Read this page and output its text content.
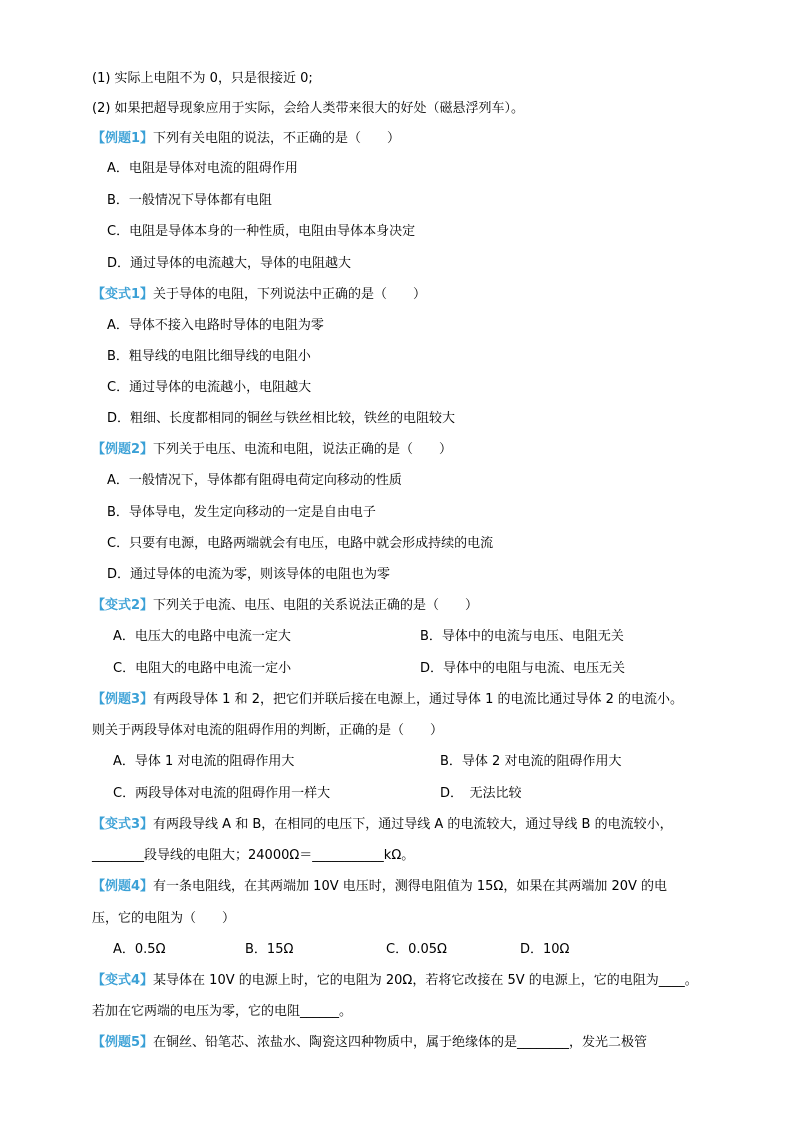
(1) 实际上电阻不为 0，只是很接近 0;
(2) 如果把超导现象应用于实际，会给人类带来很大的好处（磁悬浮列车）。
【例题1】下列有关电阻的说法，不正确的是（　　）
A．电阻是导体对电流的阻碍作用
B．一般情况下导体都有电阻
C．电阻是导体本身的一种性质，电阻由导体本身决定
D．通过导体的电流越大，导体的电阻越大
【变式1】关于导体的电阻，下列说法中正确的是（　　）
A．导体不接入电路时导体的电阻为零
B．粗导线的电阻比细导线的电阻小
C．通过导体的电流越小，电阻越大
D．粗细、长度都相同的铜丝与铁丝相比较，铁丝的电阻较大
【例题2】下列关于电压、电流和电阻，说法正确的是（　　）
A．一般情况下，导体都有阻碍电荷定向移动的性质
B．导体导电，发生定向移动的一定是自由电子
C．只要有电源，电路两端就会有电压，电路中就会形成持续的电流
D．通过导体的电流为零，则该导体的电阻也为零
【变式2】下列关于电流、电压、电阻的关系说法正确的是（　　）
A．电压大的电路中电流一定大	B．导体中的电流与电压、电阻无关
C．电阻大的电路中电流一定小	D．导体中的电阻与电流、电压无关
【例题3】有两段导体 1 和 2，把它们并联后接在电源上，通过导体 1 的电流比通过导体 2 的电流小。
则关于两段导体对电流的阻碍作用的判断，正确的是（　　）
A．导体 1 对电流的阻碍作用大	B．导体 2 对电流的阻碍作用大
C．两段导体对电流的阻碍作用一样大	D．　无法比较
【变式3】有两段导线 A 和 B，在相同的电压下，通过导线 A 的电流较大，通过导线 B 的电流较小，
________段导线的电阻大；24000Ω＝___________kΩ。
【例题4】有一条电阻线，在其两端加 10V 电压时，测得电阻值为 15Ω，如果在其两端加 20V 的电
压，它的电阻为（　　）
A．0.5Ω	B．15Ω	C．0.05Ω	D．10Ω
【变式4】某导体在 10V 的电源上时，它的电阻为 20Ω，若将它改接在 5V 的电源上，它的电阻为____。
若加在它两端的电压为零，它的电阻______。
【例题5】在铜丝、铅笔芯、浓盐水、陶瓷这四种物质中，属于绝缘体的是________，发光二极管
